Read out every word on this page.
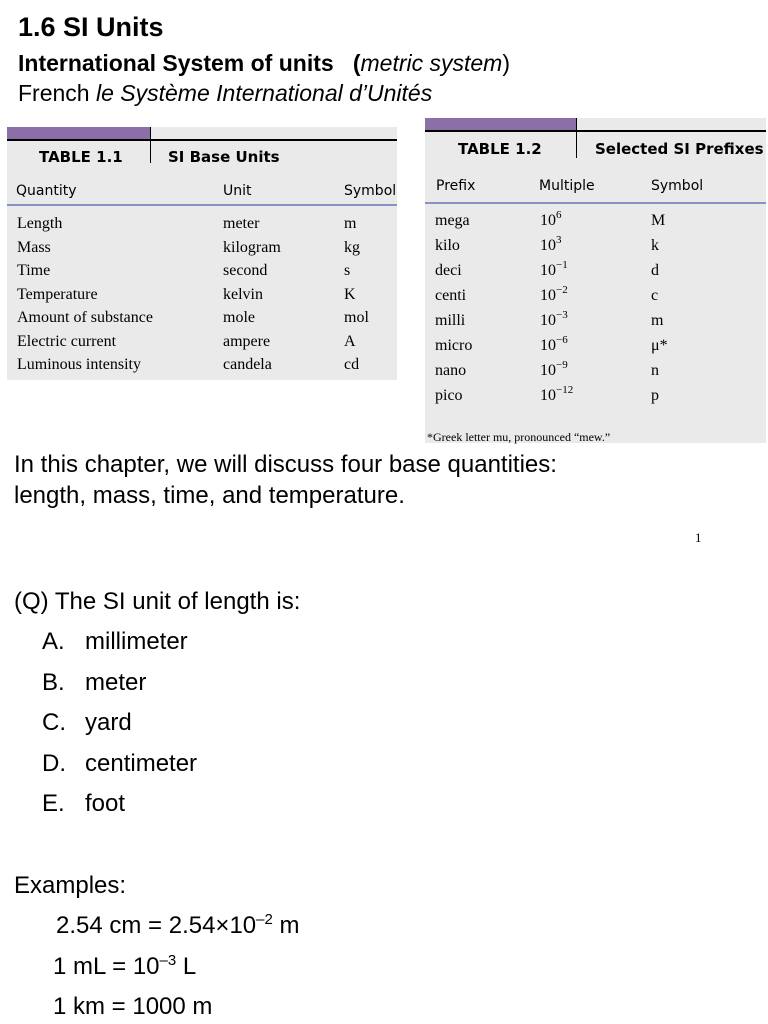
1.6 SI Units
International System of units (metric system)
French le Système International d’Unités
TABLE 1.1	SI Base Units
Quantity	Unit	Symbol
Length	meter	m
Mass	kilogram	kg
Time	second	s
Temperature	kelvin	K
Amount of substance	mole	mol
Electric current	ampere	A
Luminous intensity	candela	cd
TABLE 1.2	Selected SI Prefixes
Prefix	Multiple	Symbol
mega	$10^6$	M
kilo	$10^3$	k
deci	$10^{-1}$	d
centi	$10^{-2}$	c
milli	$10^{-3}$	m
micro	$10^{-6}$	μ*
nano	$10^{-9}$	n
pico	$10^{-12}$	p
*Greek letter mu, pronounced “mew.”
In this chapter, we will discuss four base quantities:
length, mass, time, and temperature.
1
(Q) The SI unit of length is:
A. millimeter
B. meter
C. yard
D. centimeter
E. foot
Examples:
2.54 cm = $2.54\times 10^{-2}$ m
1 mL = $10^{-3}$ L
1 km = 1000 m
